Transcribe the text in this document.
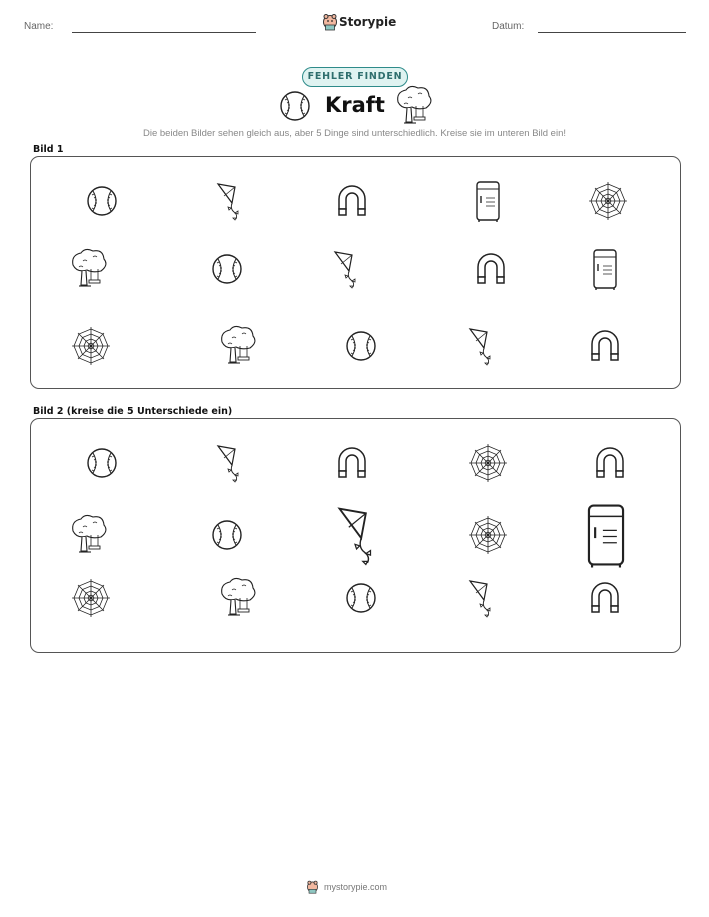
Name:	Storypie	Datum:
FEHLER FINDEN
Kraft
Die beiden Bilder sehen gleich aus, aber 5 Dinge sind unterschiedlich. Kreise sie im unteren Bild ein!
Bild 1
Bild 2 (kreise die 5 Unterschiede ein)
mystorypie.com
